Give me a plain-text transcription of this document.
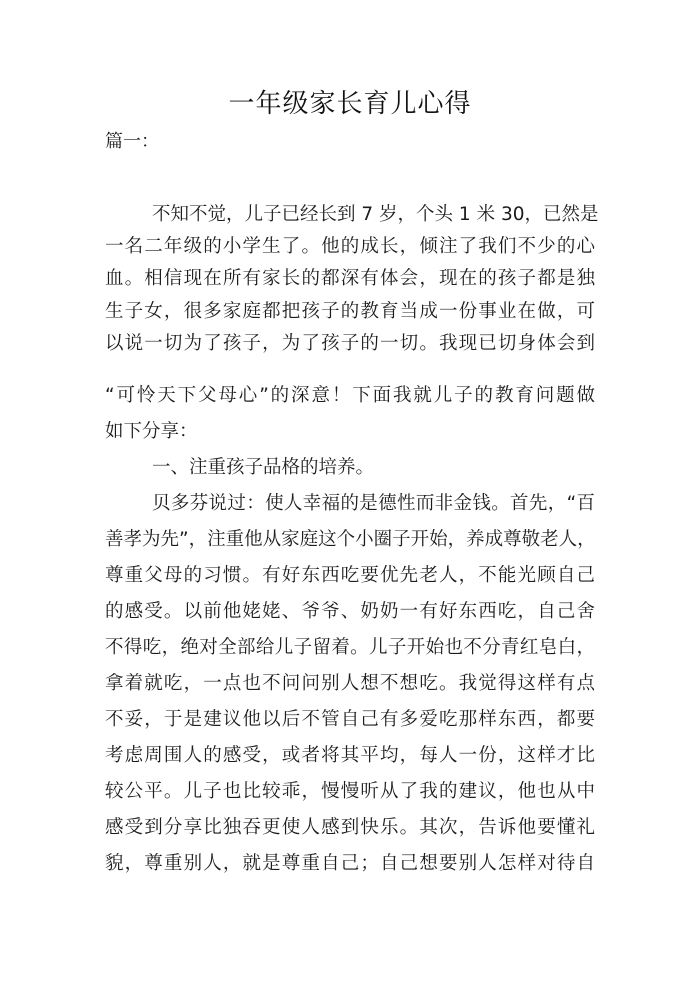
一年级家长育儿心得
篇一：
不知不觉，儿子已经长到 7 岁，个头 1 米 30，已然是
一名二年级的小学生了。他的成长，倾注了我们不少的心
血。相信现在所有家长的都深有体会，现在的孩子都是独
生子女，很多家庭都把孩子的教育当成一份事业在做，可
以说一切为了孩子，为了孩子的一切。我现已切身体会到
“可怜天下父母心”的深意！下面我就儿子的教育问题做
如下分享：
一、注重孩子品格的培养。
贝多芬说过：使人幸福的是德性而非金钱。首先，“百
善孝为先”，注重他从家庭这个小圈子开始，养成尊敬老人，
尊重父母的习惯。有好东西吃要优先老人，不能光顾自己
的感受。以前他姥姥、爷爷、奶奶一有好东西吃，自己舍
不得吃，绝对全部给儿子留着。儿子开始也不分青红皂白，
拿着就吃，一点也不问问别人想不想吃。我觉得这样有点
不妥，于是建议他以后不管自己有多爱吃那样东西，都要
考虑周围人的感受，或者将其平均，每人一份，这样才比
较公平。儿子也比较乖，慢慢听从了我的建议，他也从中
感受到分享比独吞更使人感到快乐。其次，告诉他要懂礼
貌，尊重别人，就是尊重自己；自己想要别人怎样对待自
